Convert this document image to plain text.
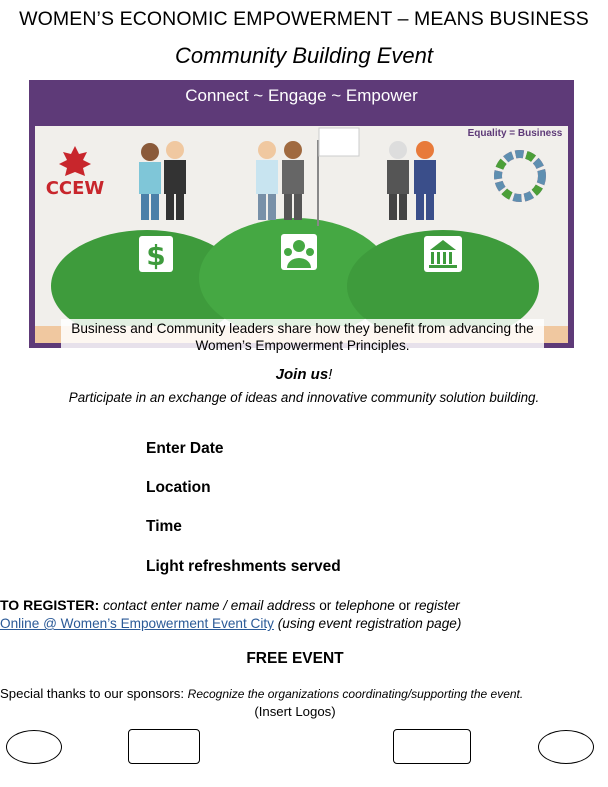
WOMEN’S ECONOMIC EMPOWERMENT – MEANS BUSINESS
Community Building Event
Connect ~ Engage ~ Empower
$
CCEW
Equality = Business
Business and Community leaders share how they benefit from advancing the Women’s Empowerment Principles.
Join us!
Participate in an exchange of ideas and innovative community solution building.
Enter Date
Location
Time
Light refreshments served
TO REGISTER: contact enter name / email address or telephone or register
Online @ Women’s Empowerment Event City (using event registration page)
FREE EVENT
Special thanks to our sponsors: Recognize the organizations coordinating/supporting the event.
(Insert Logos)
